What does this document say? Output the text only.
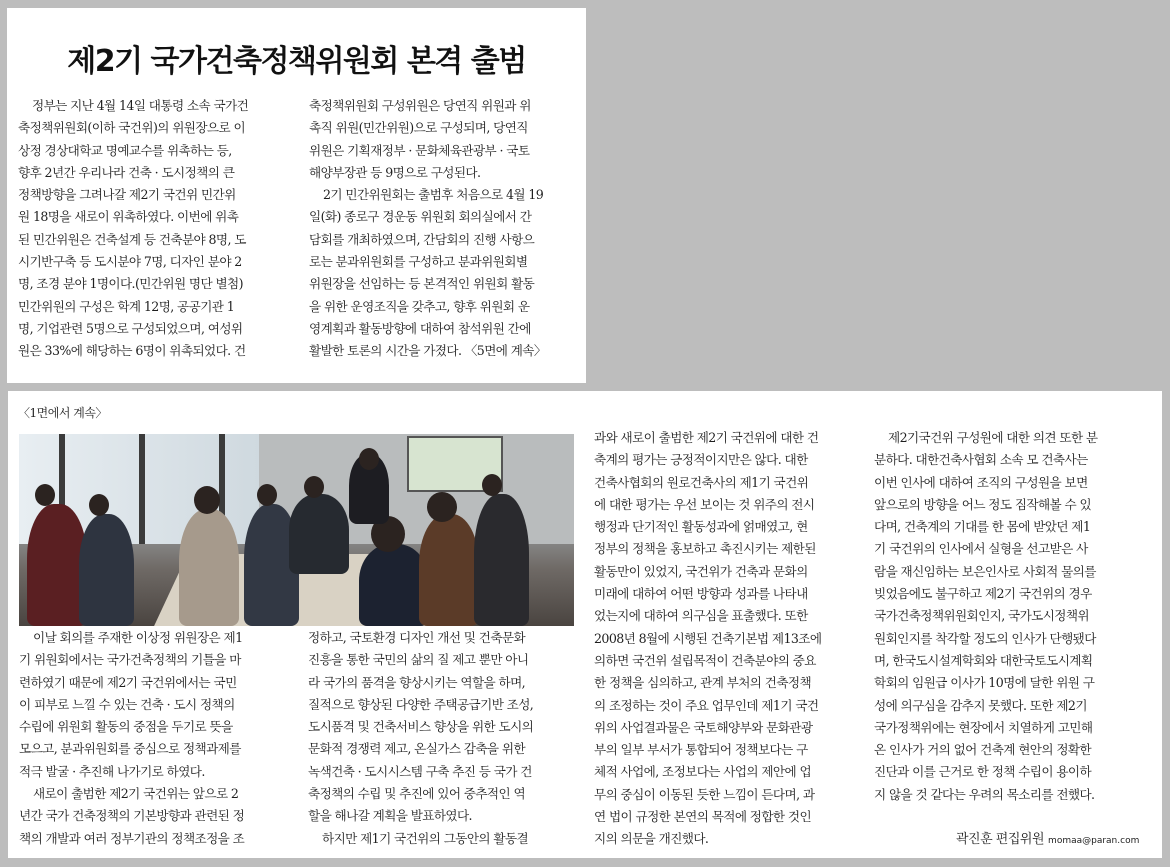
제2기 국가건축정책위원회 본격 출범
정부는 지난 4월 14일 대통령 소속 국가건
축정책위원회(이하 국건위)의 위원장으로 이
상정 경상대학교 명예교수를 위촉하는 등,
향후 2년간 우리나라 건축 · 도시정책의 큰
정책방향을 그려나갈 제2기 국건위 민간위
원 18명을 새로이 위촉하였다. 이번에 위촉
된 민간위원은 건축설계 등 건축분야 8명, 도
시기반구축 등 도시분야 7명, 디자인 분야 2
명, 조경 분야 1명이다.(민간위원 명단 별첨)
민간위원의 구성은 학계 12명, 공공기관 1
명, 기업관련 5명으로 구성되었으며, 여성위
원은 33%에 해당하는 6명이 위촉되었다. 건
축정책위원회 구성위원은 당연직 위원과 위
촉직 위원(민간위원)으로 구성되며, 당연직
위원은 기획재정부 · 문화체육관광부 · 국토
해양부장관 등 9명으로 구성된다.
2기 민간위원회는 출범후 처음으로 4월 19
일(화) 종로구 경운동 위원회 회의실에서 간
담회를 개최하였으며, 간담회의 진행 사항으
로는 분과위원회를 구성하고 분과위원회별
위원장을 선임하는 등 본격적인 위원회 활동
을 위한 운영조직을 갖추고, 향후 위원회 운
영계획과 활동방향에 대하여 참석위원 간에
활발한 토론의 시간을 가졌다. 〈5면에 계속〉
〈1면에서 계속〉
이날 회의를 주재한 이상정 위원장은 제1
기 위원회에서는 국가건축정책의 기틀을 마
련하였기 때문에 제2기 국건위에서는 국민
이 피부로 느낄 수 있는 건축 · 도시 정책의
수립에 위원회 활동의 중점을 두기로 뜻을
모으고, 분과위원회를 중심으로 정책과제를
적극 발굴 · 추진해 나가기로 하였다.
새로이 출범한 제2기 국건위는 앞으로 2
년간 국가 건축정책의 기본방향과 관련된 정
책의 개발과 여러 정부기관의 정책조정을 조
정하고, 국토환경 디자인 개선 및 건축문화
진흥을 통한 국민의 삶의 질 제고 뿐만 아니
라 국가의 품격을 향상시키는 역할을 하며,
질적으로 향상된 다양한 주택공급기반 조성,
도시품격 및 건축서비스 향상을 위한 도시의
문화적 경쟁력 제고, 온실가스 감축을 위한
녹색건축 · 도시시스템 구축 추진 등 국가 건
축정책의 수립 및 추진에 있어 중추적인 역
할을 해나갈 계획을 발표하였다.
하지만 제1기 국건위의 그동안의 활동결
과와 새로이 출범한 제2기 국건위에 대한 건
축계의 평가는 긍정적이지만은 않다. 대한
건축사협회의 원로건축사의 제1기 국건위
에 대한 평가는 우선 보이는 것 위주의 전시
행정과 단기적인 활동성과에 얽매였고, 현
정부의 정책을 홍보하고 촉진시키는 제한된
활동만이 있었지, 국건위가 건축과 문화의
미래에 대하여 어떤 방향과 성과를 나타내
었는지에 대하여 의구심을 표출했다. 또한
2008년 8월에 시행된 건축기본법 제13조에
의하면 국건위 설립목적이 건축분야의 중요
한 정책을 심의하고, 관계 부처의 건축정책
의 조정하는 것이 주요 업무인데 제1기 국건
위의 사업결과물은 국토해양부와 문화관광
부의 일부 부서가 통합되어 정책보다는 구
체적 사업에, 조정보다는 사업의 제안에 업
무의 중심이 이동된 듯한 느낌이 든다며, 과
연 법이 규정한 본연의 목적에 정합한 것인
지의 의문을 개진했다.
제2기국건위 구성원에 대한 의견 또한 분
분하다. 대한건축사협회 소속 모 건축사는
이번 인사에 대하여 조직의 구성원을 보면
앞으로의 방향을 어느 정도 짐작해볼 수 있
다며, 건축계의 기대를 한 몸에 받았던 제1
기 국건위의 인사에서 실형을 선고받은 사
람을 재신임하는 보은인사로 사회적 물의를
빚었음에도 불구하고 제2기 국건위의 경우
국가건축정책위원회인지, 국가도시정책위
원회인지를 착각할 정도의 인사가 단행됐다
며, 한국도시설계학회와 대한국토도시계획
학회의 임원급 이사가 10명에 달한 위원 구
성에 의구심을 감추지 못했다. 또한 제2기
국가정책위에는 현장에서 치열하게 고민해
온 인사가 거의 없어 건축계 현안의 정확한
진단과 이를 근거로 한 정책 수립이 용이하
지 않을 것 같다는 우려의 목소리를 전했다.
곽진훈 편집위원 momaa@paran.com
